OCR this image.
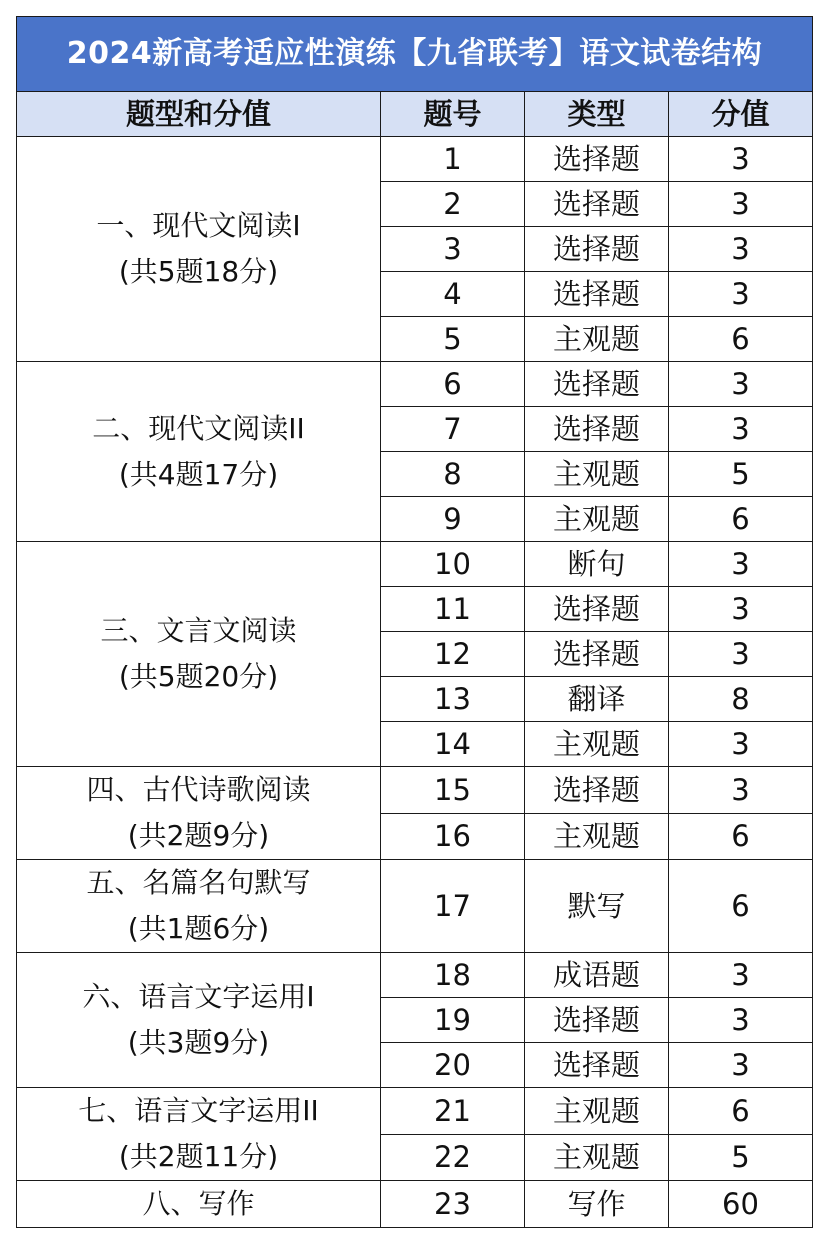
2024新高考适应性演练【九省联考】语文试卷结构			
题型和分值	题号	类型	分值

一、现代文阅读I
(共5题18分)	1	选择题	3
	2	选择题	3
	3	选择题	3
	4	选择题	3
	5	主观题	6

二、现代文阅读II
(共4题17分)	6	选择题	3
	7	选择题	3
	8	主观题	5
	9	主观题	6

三、文言文阅读
(共5题20分)	10	断句	3
	11	选择题	3
	12	选择题	3
	13	翻译	8
	14	主观题	3

四、古代诗歌阅读
(共2题9分)	15	选择题	3
	16	主观题	6

五、名篇名句默写
(共1题6分)	17	默写	6

六、语言文字运用I
(共3题9分)	18	成语题	3
	19	选择题	3
	20	选择题	3

七、语言文字运用II
(共2题11分)	21	主观题	6
	22	主观题	5

八、写作	23	写作	60
